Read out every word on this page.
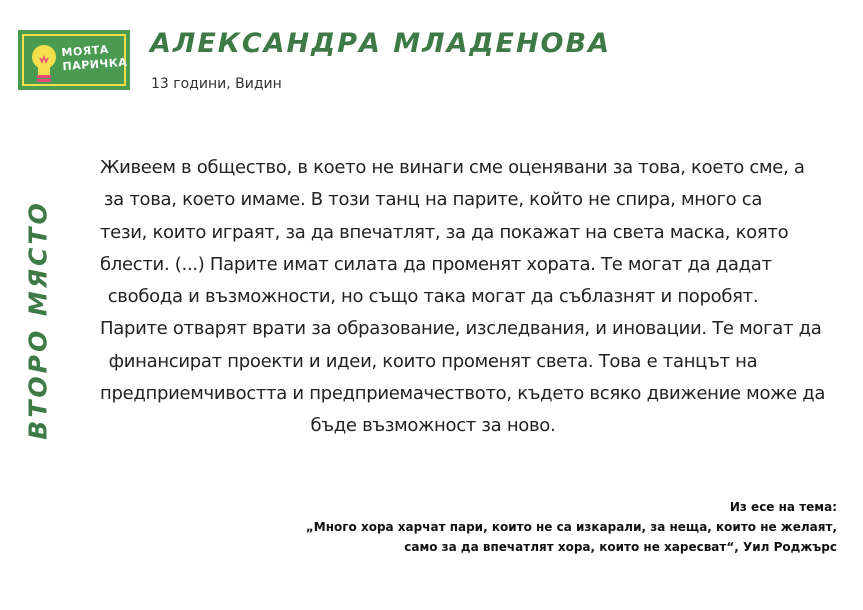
МОЯТА
ПАРИЧКА
АЛЕКСАНДРА МЛАДЕНОВА
13 години, Видин
ВТОРО МЯСТО
Живеем в общество, в което не винаги сме оценявани за това, което сме, а
за това, което имаме. В този танц на парите, който не спира, много са
тези, които играят, за да впечатлят, за да покажат на света маска, която
блести. (...) Парите имат силата да променят хората. Те могат да дадат
свобода и възможности, но също така могат да съблазнят и поробят.
Парите отварят врати за образование, изследвания, и иновации. Те могат да
финансират проекти и идеи, които променят света. Това е танцът на
предприемчивостта и предприемачеството, където всяко движение може да
бъде възможност за ново.
Из есе на тема:
„Много хора харчат пари, които не са изкарали, за неща, които не желаят,
само за да впечатлят хора, които не харесват“, Уил Роджърс
